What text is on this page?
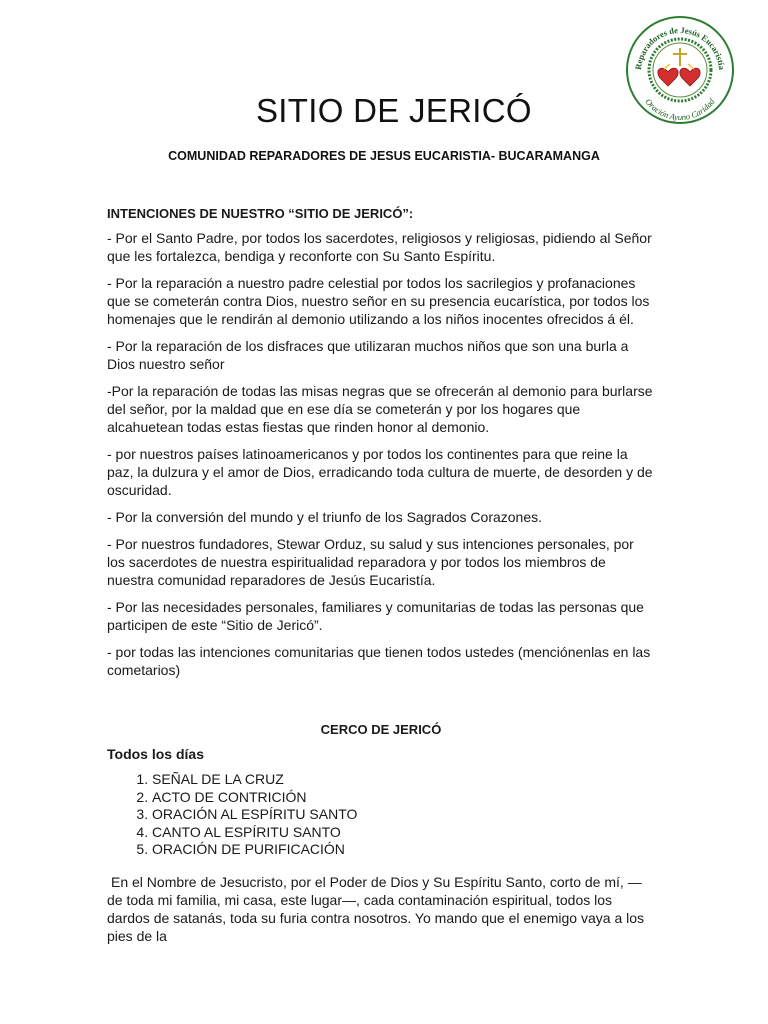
Reparadores de Jesús Eucaristía
Oración Ayuno Caridad
SITIO DE JERICÓ

COMUNIDAD REPARADORES DE JESUS EUCARISTIA- BUCARAMANGA

INTENCIONES DE NUESTRO “SITIO DE JERICÓ”:

- Por el Santo Padre, por todos los sacerdotes, religiosos y religiosas, pidiendo al Señor que les fortalezca, bendiga y reconforte con Su Santo Espíritu.

- Por la reparación a nuestro padre celestial por todos los sacrilegios y profanaciones que se cometerán contra Dios, nuestro señor en su presencia eucarística, por todos los homenajes que le rendirán al demonio utilizando a los niños inocentes ofrecidos á él.

- Por la reparación de los disfraces que utilizaran muchos niños que son una burla a Dios nuestro señor

-Por la reparación de todas las misas negras que se ofrecerán al demonio para burlarse del señor, por la maldad que en ese día se cometerán y por los hogares que alcahuetean todas estas fiestas que rinden honor al demonio.

- por nuestros países latinoamericanos y por todos los continentes para que reine la paz, la dulzura y el amor de Dios, erradicando toda cultura de muerte, de desorden y de oscuridad.

- Por la conversión del mundo y el triunfo de los Sagrados Corazones.

- Por nuestros fundadores, Stewar Orduz, su salud y sus intenciones personales, por los sacerdotes de nuestra espiritualidad reparadora y por todos los miembros de nuestra comunidad reparadores de Jesús Eucaristía.

- Por las necesidades personales, familiares y comunitarias de todas las personas que participen de este “Sitio de Jericó”.

- por todas las intenciones comunitarias que tienen todos ustedes (menciónenlas en las cometarios)

CERCO DE JERICÓ

Todos los días

1. SEÑAL DE LA CRUZ
2. ACTO DE CONTRICIÓN
3. ORACIÓN AL ESPÍRITU SANTO
4. CANTO AL ESPÍRITU SANTO
5. ORACIÓN DE PURIFICACIÓN

En el Nombre de Jesucristo, por el Poder de Dios y Su Espíritu Santo, corto de mí, —de toda mi familia, mi casa, este lugar—, cada contaminación espiritual, todos los dardos de satanás, toda su furia contra nosotros. Yo mando que el enemigo vaya a los pies de la
